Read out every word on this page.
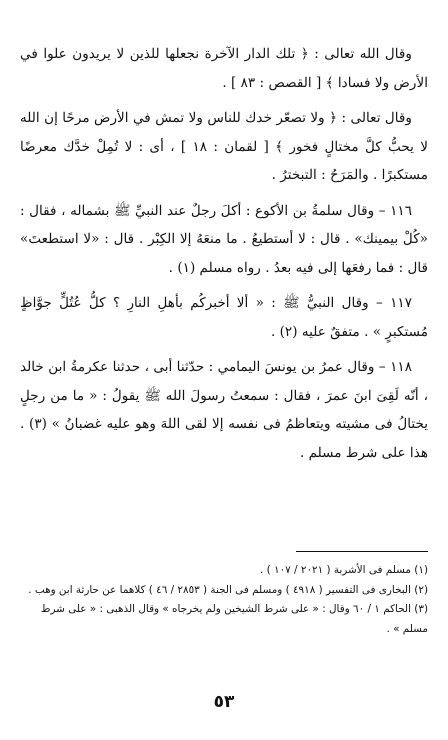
وقال الله تعالى : ﴿ تلك الدار الآخرة نجعلها للذين لا يريدون علوا في الأرض ولا فسادا ﴾ [ القصص : ٨٣ ] .

وقال تعالى : ﴿ ولا تصعّر خدك للناس ولا تمش في الأرض مرحًا إن الله لا يحبُّ كلَّ مختالٍ فخور ﴾ [ لقمان : ١٨ ] ، أى : لا تُمِلْ خدَّك معرضًا مستكبرًا . والمَرَحُ : التبخترُ .

١١٦ – وقال سلمةُ بن الأكوع : أكلَ رجلٌ عند النبيِّ ﷺ بشماله ، فقال : «كُلْ بيمينك» . قال : لا أستطيعُ . ما منعَهُ إلا الكِبْر . قال : «لا استطعتَ» قال : فما رفعَها إلى فيه بعدُ . رواه مسلم (١) .

١١٧ – وقال النبيُّ ﷺ : « ألا أخبركُم بأهلِ النارِ ؟ كلُّ عُتُلٍّ جوَّاظٍ مُستكبرٍ » . متفقٌ عليه (٢) .

١١٨ – وقال عمرُ بن يونسَ اليمامي : حدّثنا أبى ، حدثنا عكرمةُ ابن خالد ، أنّه لَقِىَ ابنَ عمرَ ، فقال : سمعتُ رسولَ الله ﷺ يقولُ : « ما من رجلٍ يختالُ فى مشيته ويتعاظمُ فى نفسه إلا لقى اللهَ وهو عليه غضبانُ » (٣) . هذا على شرط مسلم .

(١) مسلم فى الأشربة ( ٢٠٢١ / ١٠٧ ) .

(٢) البخارى فى التفسير ( ٤٩١٨ ) ومسلم فى الجنة ( ٢٨٥٣ / ٤٦ ) كلاهما عن حارثة ابن وهب .

(٣) الحاكم ١ / ٦٠ وقال : « على شرط الشيخين ولم يخرجاه » وقال الذهبى : « على شرط مسلم » .

٥٣
